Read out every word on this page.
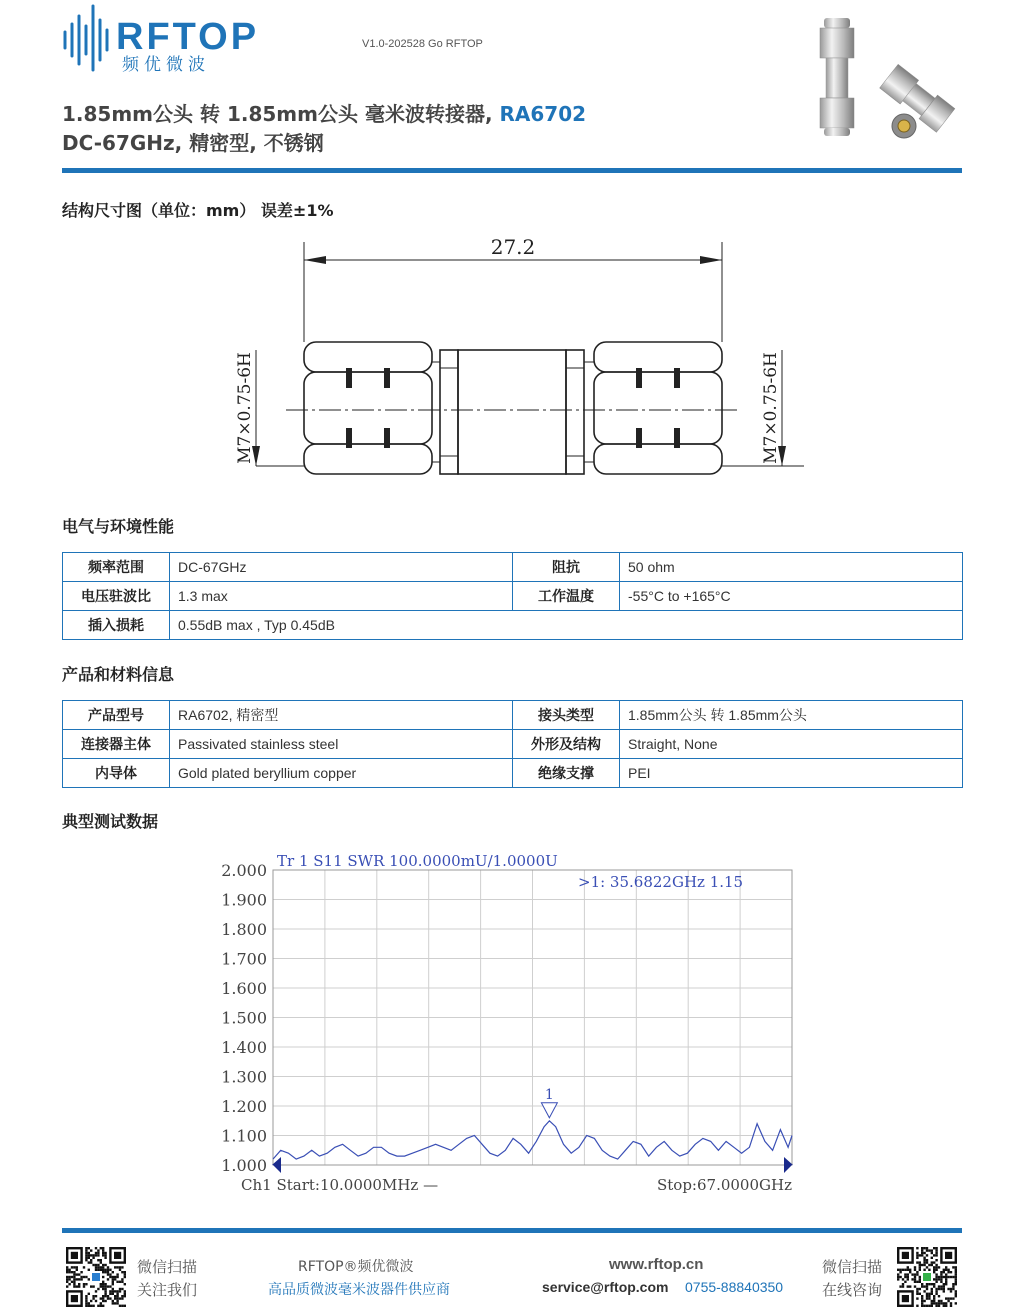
RFTOP
频优微波
V1.0-202528 Go RFTOP
1.85mm公头 转 1.85mm公头 毫米波转接器, RA6702
DC-67GHz, 精密型, 不锈钢
结构尺寸图（单位：mm） 误差±1%
27.2
M7×0.75-6H	M7×0.75-6H
电气与环境性能
频率范围	DC-67GHz	阻抗	50 ohm
电压驻波比	1.3 max	工作温度	-55°C to +165°C
插入损耗	0.55dB max , Typ 0.45dB		
产品和材料信息
产品型号	RA6702, 精密型	接头类型	1.85mm公头 转 1.85mm公头
连接器主体	Passivated stainless steel	外形及结构	Straight, None
内导体	Gold plated beryllium copper	绝缘支撑	PEI
典型测试数据
2.000
1.900
1.800
1.700
1.600
1.500
1.400
1.300
1.200
1.100
1.000
Tr 1 S11 SWR 100.0000mU/1.0000U
>1: 35.6822GHz 1.15
1
Ch1 Start:10.0000MHz —	Stop:67.0000GHz
微信扫描
关注我们
RFTOP®频优微波
高品质微波毫米波器件供应商
www.rftop.cn
service@rftop.com 0755-88840350
微信扫描
在线咨询
